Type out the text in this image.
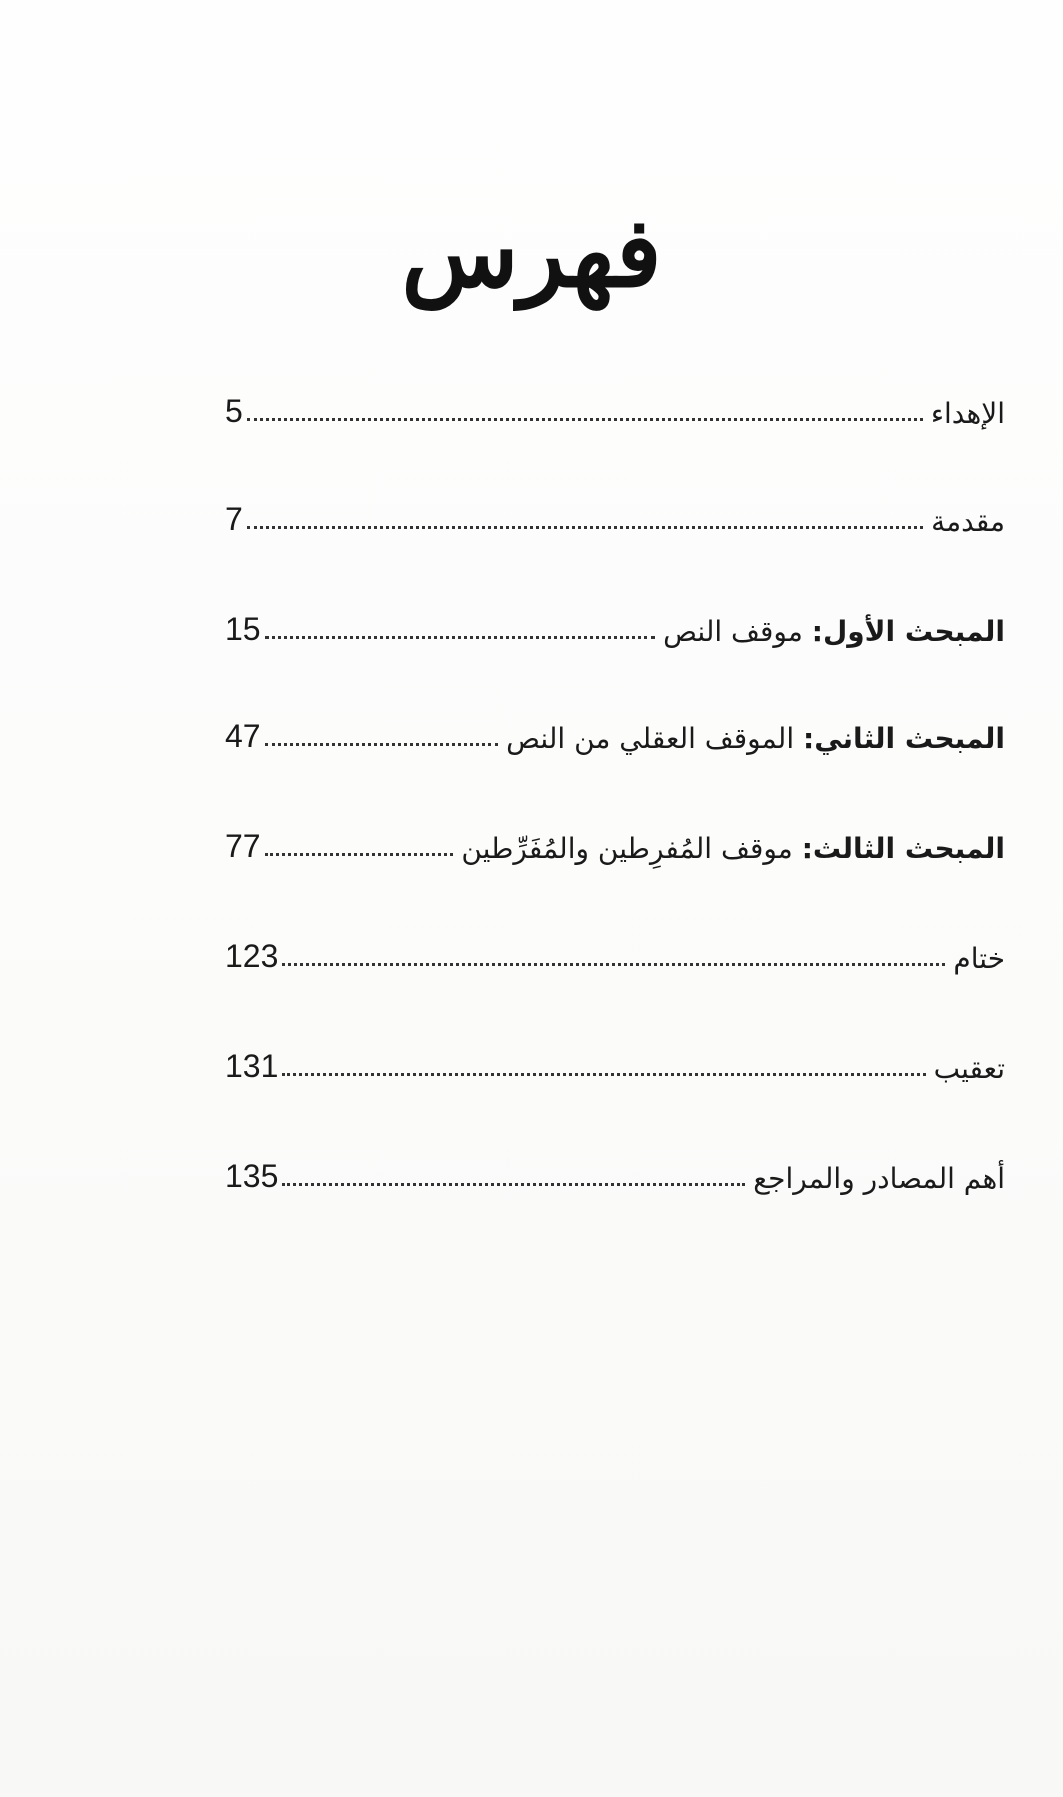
فهرس
الإهداء
5
مقدمة
7
المبحث الأول: موقف النص
15
المبحث الثاني: الموقف العقلي من النص
47
المبحث الثالث: موقف المُفرِطين والمُفَرِّطين
77
ختام
123
تعقيب
131
أهم المصادر والمراجع
135
